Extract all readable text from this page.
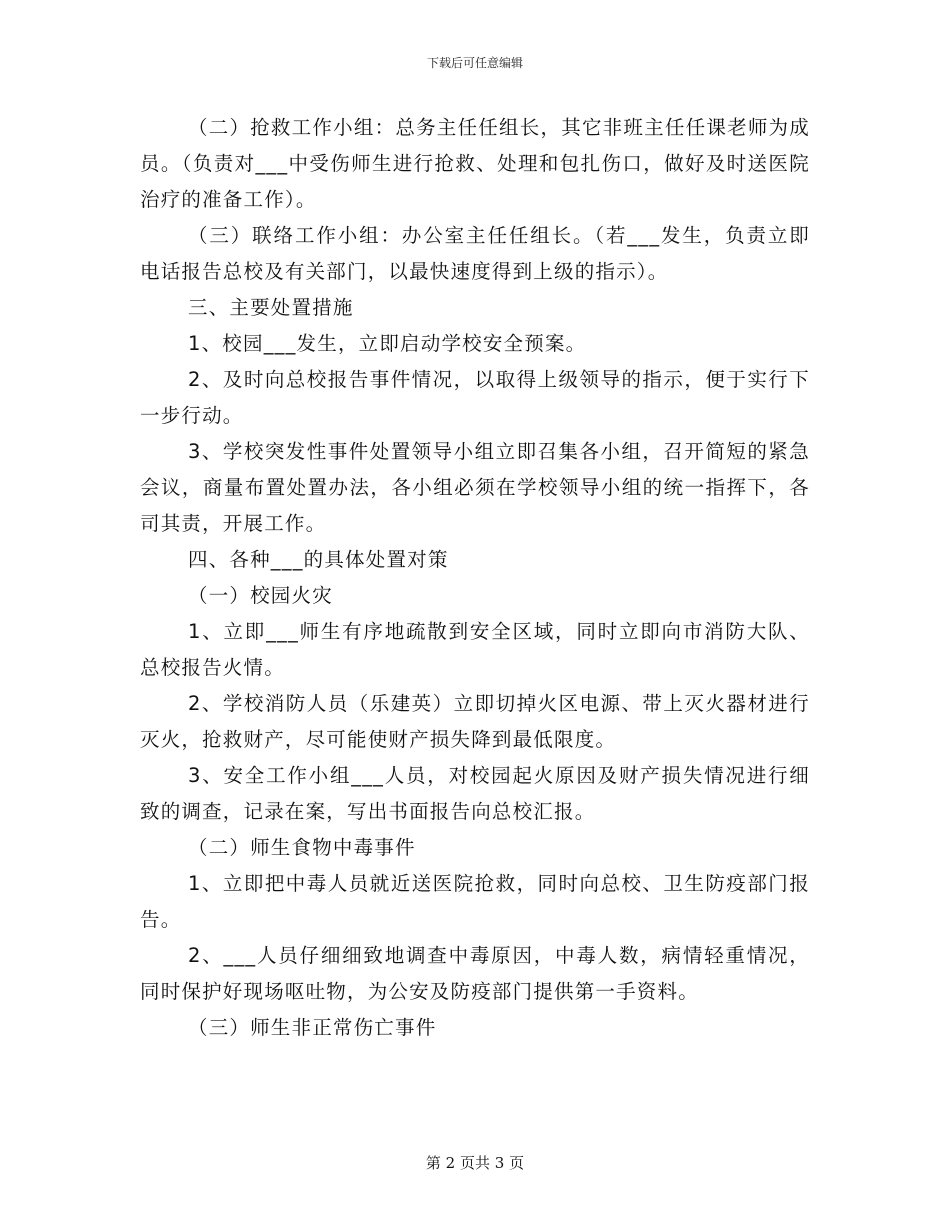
下载后可任意编辑

（二）抢救工作小组：总务主任任组长，其它非班主任任课老师为成员。（负责对___中受伤师生进行抢救、处理和包扎伤口，做好及时送医院治疗的准备工作）。

（三）联络工作小组：办公室主任任组长。（若___发生，负责立即电话报告总校及有关部门，以最快速度得到上级的指示）。

三、主要处置措施

1、校园___发生，立即启动学校安全预案。

2、及时向总校报告事件情况，以取得上级领导的指示，便于实行下一步行动。

3、学校突发性事件处置领导小组立即召集各小组，召开简短的紧急会议，商量布置处置办法，各小组必须在学校领导小组的统一指挥下，各司其责，开展工作。

四、各种___的具体处置对策

（一）校园火灾

1、立即___师生有序地疏散到安全区域，同时立即向市消防大队、总校报告火情。

2、学校消防人员（乐建英）立即切掉火区电源、带上灭火器材进行灭火，抢救财产，尽可能使财产损失降到最低限度。

3、安全工作小组___人员，对校园起火原因及财产损失情况进行细致的调查，记录在案，写出书面报告向总校汇报。

（二）师生食物中毒事件

1、立即把中毒人员就近送医院抢救，同时向总校、卫生防疫部门报告。

2、___人员仔细细致地调查中毒原因，中毒人数，病情轻重情况，同时保护好现场呕吐物，为公安及防疫部门提供第一手资料。

（三）师生非正常伤亡事件

第 2 页共 3 页
